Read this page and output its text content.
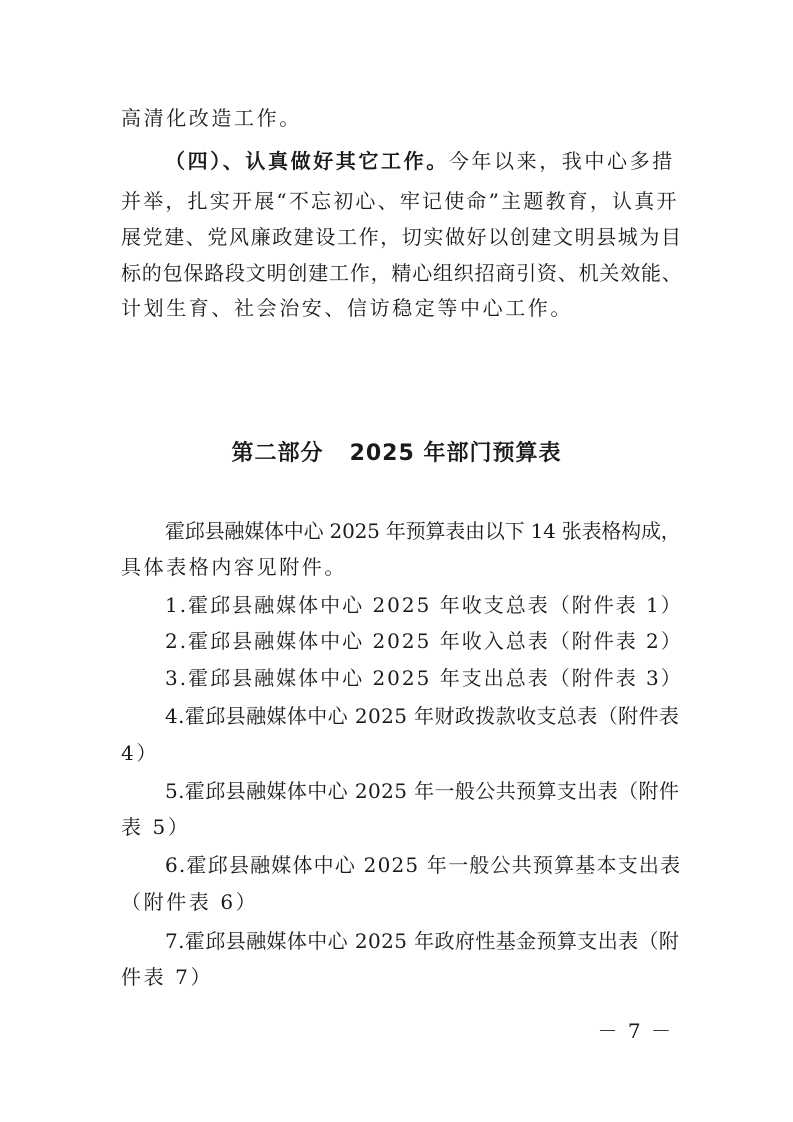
高清化改造工作。
（四）、认真做好其它工作。今年以来，我中心多措
并举，扎实开展“不忘初心、牢记使命”主题教育，认真开
展党建、党风廉政建设工作，切实做好以创建文明县城为目
标的包保路段文明创建工作，精心组织招商引资、机关效能、
计划生育、社会治安、信访稳定等中心工作。
第二部分 2025 年部门预算表
霍邱县融媒体中心 2025 年预算表由以下 14 张表格构成，
具体表格内容见附件。
1.霍邱县融媒体中心 2025 年收支总表（附件表 1）
2.霍邱县融媒体中心 2025 年收入总表（附件表 2）
3.霍邱县融媒体中心 2025 年支出总表（附件表 3）
4.霍邱县融媒体中心 2025 年财政拨款收支总表（附件表
4）
5.霍邱县融媒体中心 2025 年一般公共预算支出表（附件
表 5）
6.霍邱县融媒体中心 2025 年一般公共预算基本支出表
（附件表 6）
7.霍邱县融媒体中心 2025 年政府性基金预算支出表（附
件表 7）
－ 7 －
